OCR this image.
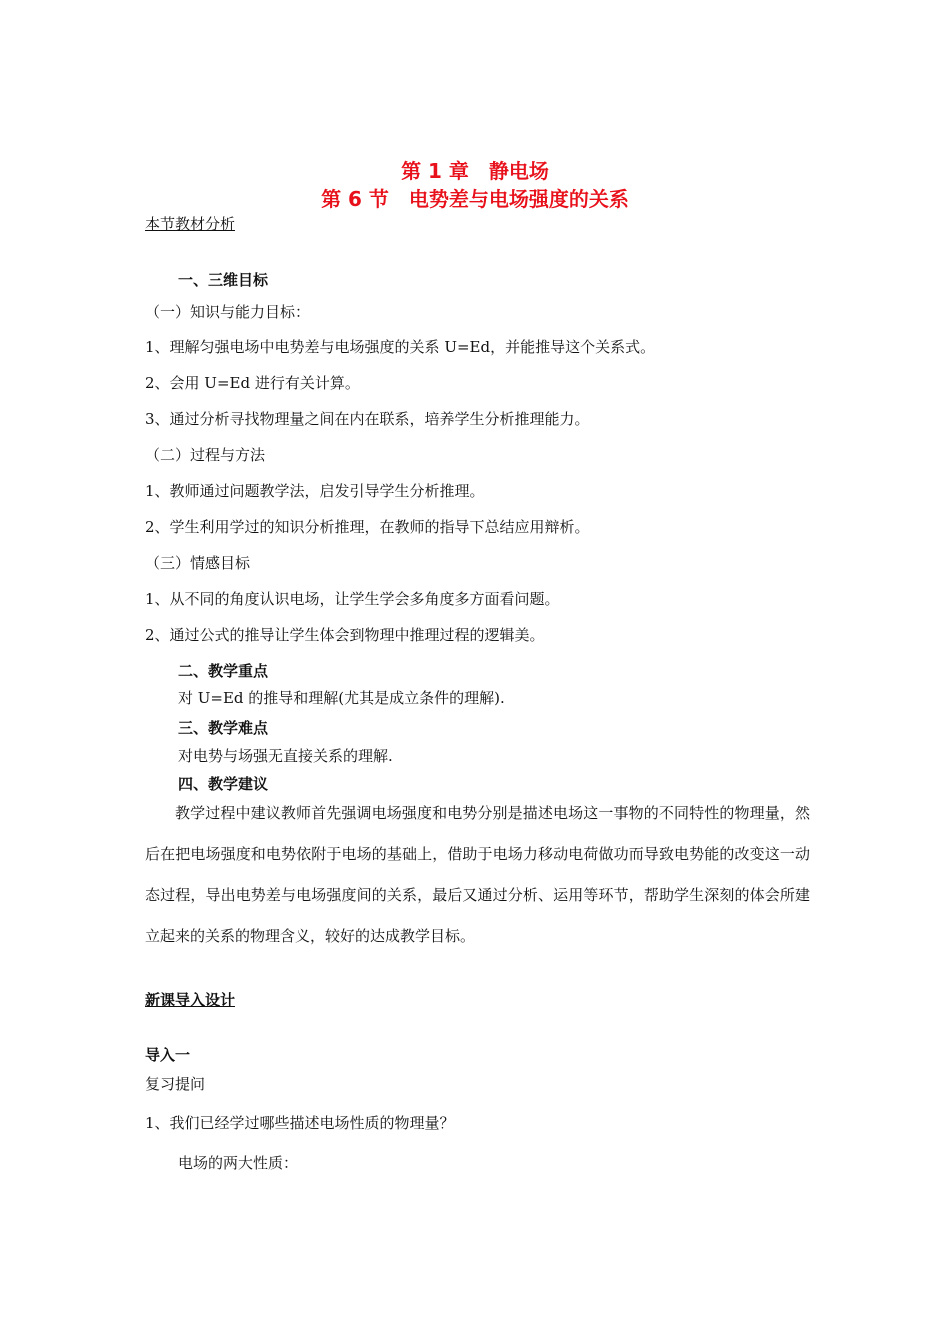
第 1 章　静电场
第 6 节　电势差与电场强度的关系
本节教材分析
一、三维目标
（一）知识与能力目标：
1、理解匀强电场中电势差与电场强度的关系 U=Ed，并能推导这个关系式。
2、会用 U=Ed 进行有关计算。
3、通过分析寻找物理量之间在内在联系，培养学生分析推理能力。
（二）过程与方法
1、教师通过问题教学法，启发引导学生分析推理。
2、学生利用学过的知识分析推理，在教师的指导下总结应用辩析。
（三）情感目标
1、从不同的角度认识电场，让学生学会多角度多方面看问题。
2、通过公式的推导让学生体会到物理中推理过程的逻辑美。
二、教学重点
对 U=Ed 的推导和理解(尤其是成立条件的理解).
三、教学难点
对电势与场强无直接关系的理解.
四、教学建议
教学过程中建议教师首先强调电场强度和电势分别是描述电场这一事物的不同特性的物理量，然后在把电场强度和电势依附于电场的基础上，借助于电场力移动电荷做功而导致电势能的改变这一动态过程，导出电势差与电场强度间的关系，最后又通过分析、运用等环节，帮助学生深刻的体会所建立起来的关系的物理含义，较好的达成教学目标。
新课导入设计
导入一
复习提问
1、我们已经学过哪些描述电场性质的物理量？
电场的两大性质：
